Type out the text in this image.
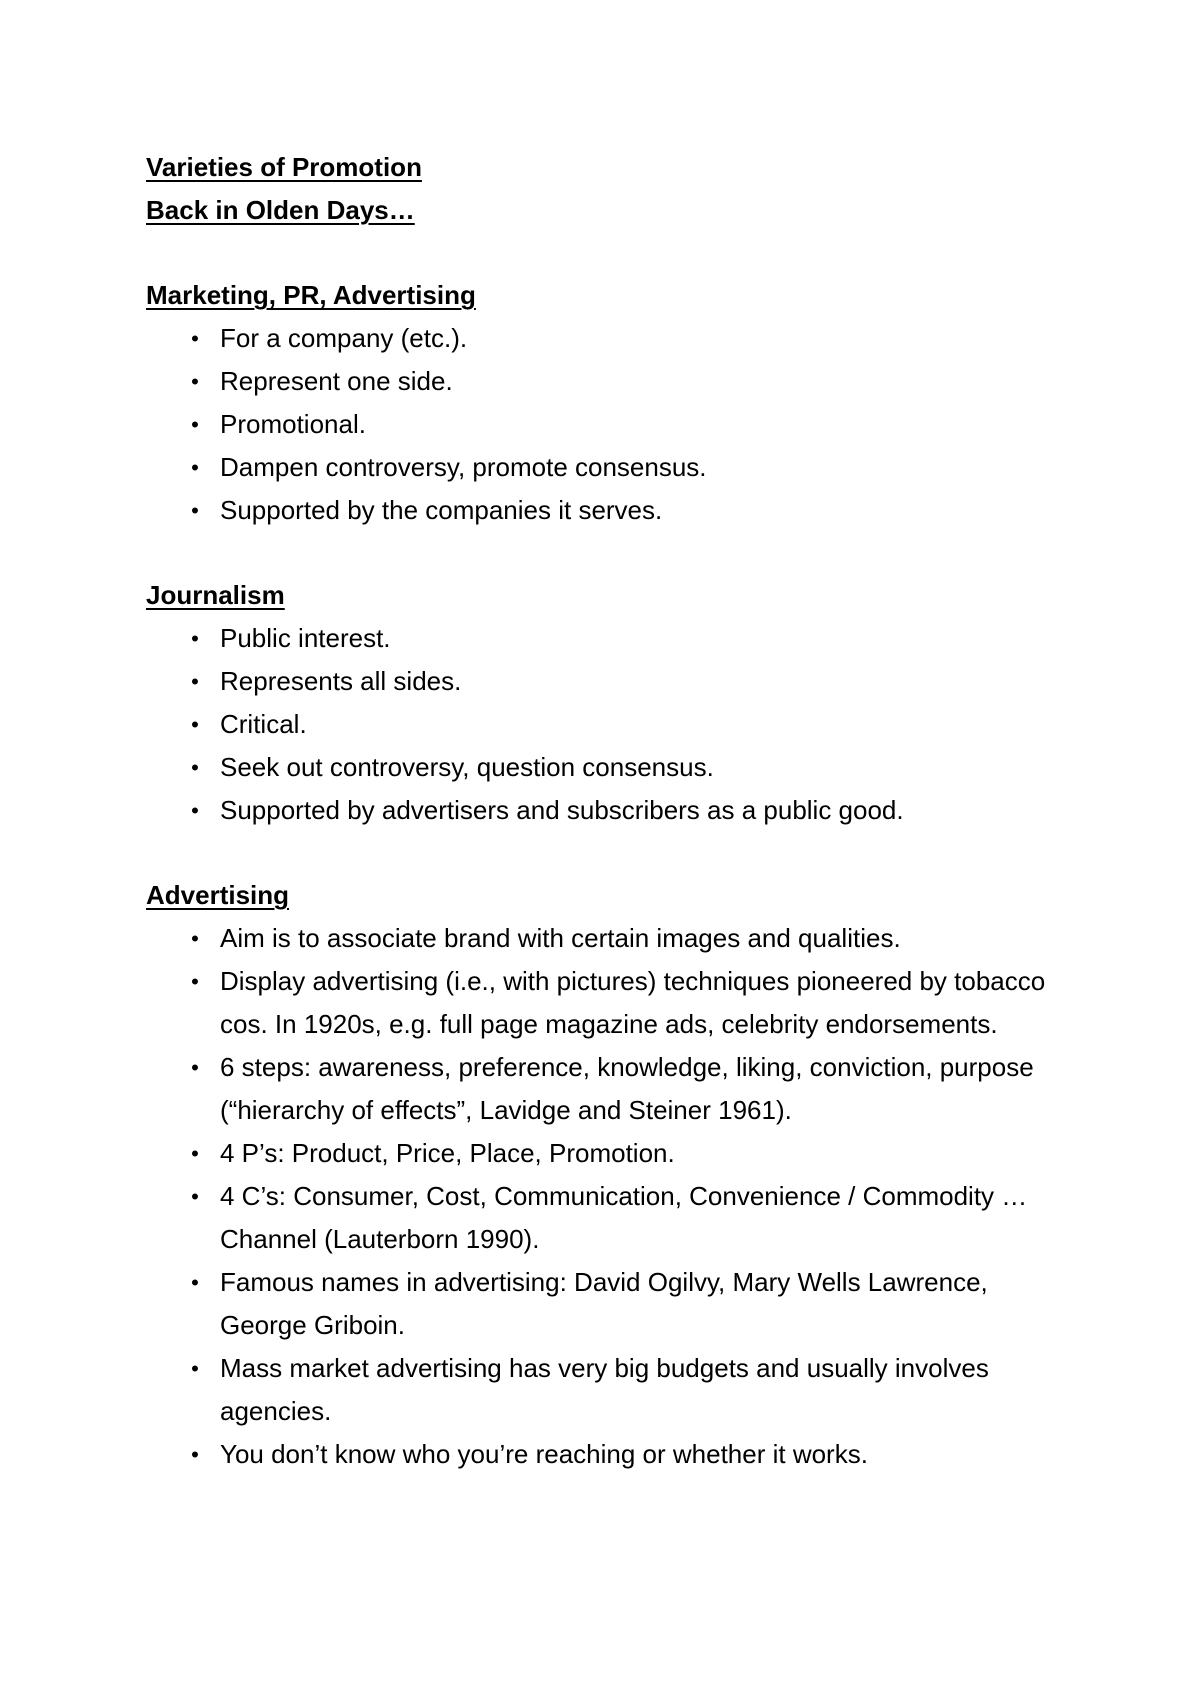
Varieties of Promotion

Back in Olden Days…

Marketing, PR, Advertising

• For a company (etc.).
• Represent one side.
• Promotional.
• Dampen controversy, promote consensus.
• Supported by the companies it serves.

Journalism

• Public interest.
• Represents all sides.
• Critical.
• Seek out controversy, question consensus.
• Supported by advertisers and subscribers as a public good.

Advertising

• Aim is to associate brand with certain images and qualities.
• Display advertising (i.e., with pictures) techniques pioneered by tobacco cos. In 1920s, e.g. full page magazine ads, celebrity endorsements.
• 6 steps: awareness, preference, knowledge, liking, conviction, purpose (“hierarchy of effects”, Lavidge and Steiner 1961).
• 4 P’s: Product, Price, Place, Promotion.
• 4 C’s: Consumer, Cost, Communication, Convenience / Commodity … Channel (Lauterborn 1990).
• Famous names in advertising: David Ogilvy, Mary Wells Lawrence, George Griboin.
• Mass market advertising has very big budgets and usually involves agencies.
• You don’t know who you’re reaching or whether it works.
